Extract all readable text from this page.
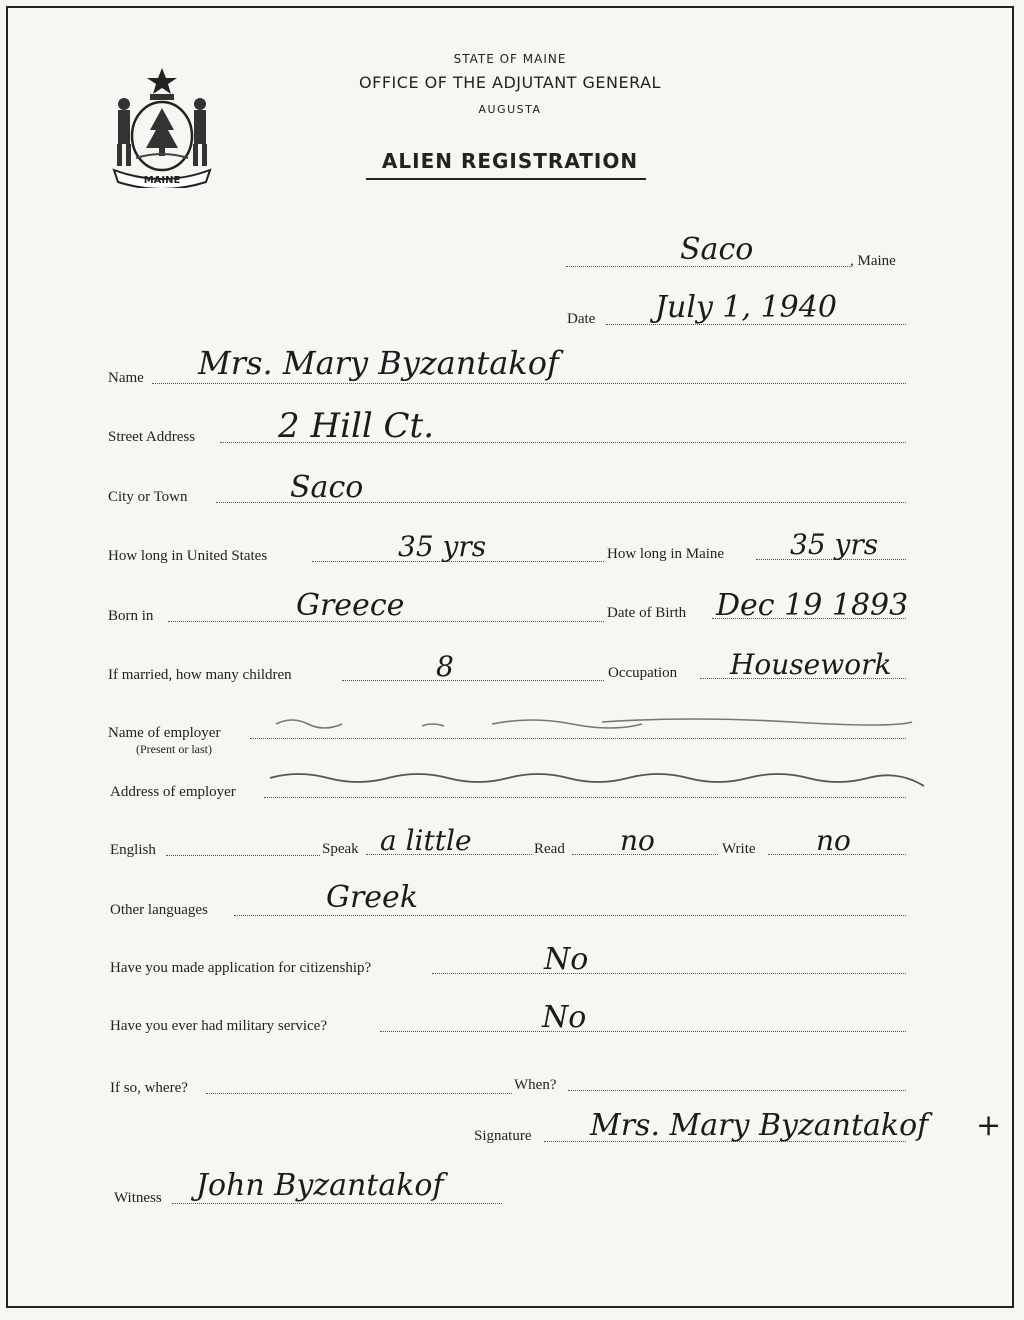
MAINE
STATE OF MAINE
OFFICE OF THE ADJUTANT GENERAL
AUGUSTA
ALIEN REGISTRATION
, Maine
Saco
Date July 1, 1940
Name Mrs. Mary Byzantakof
Street Address 2 Hill Ct.
City or Town	Saco
How long in United States	35 yrs	How long in Maine 35 yrs
Born in	Greece	Date of Birth Dec 19 1893
If married, how many children	8	Occupation Housework
Name of employer
(Present or last)
Address of employer
English	Speak a little	Read no	Write no
Other languages	Greek
Have you made application for citizenship?	No
Have you ever had military service?	No
If so, where?	When?
Signature Mrs. Mary Byzantakof +
Witness John Byzantakof
